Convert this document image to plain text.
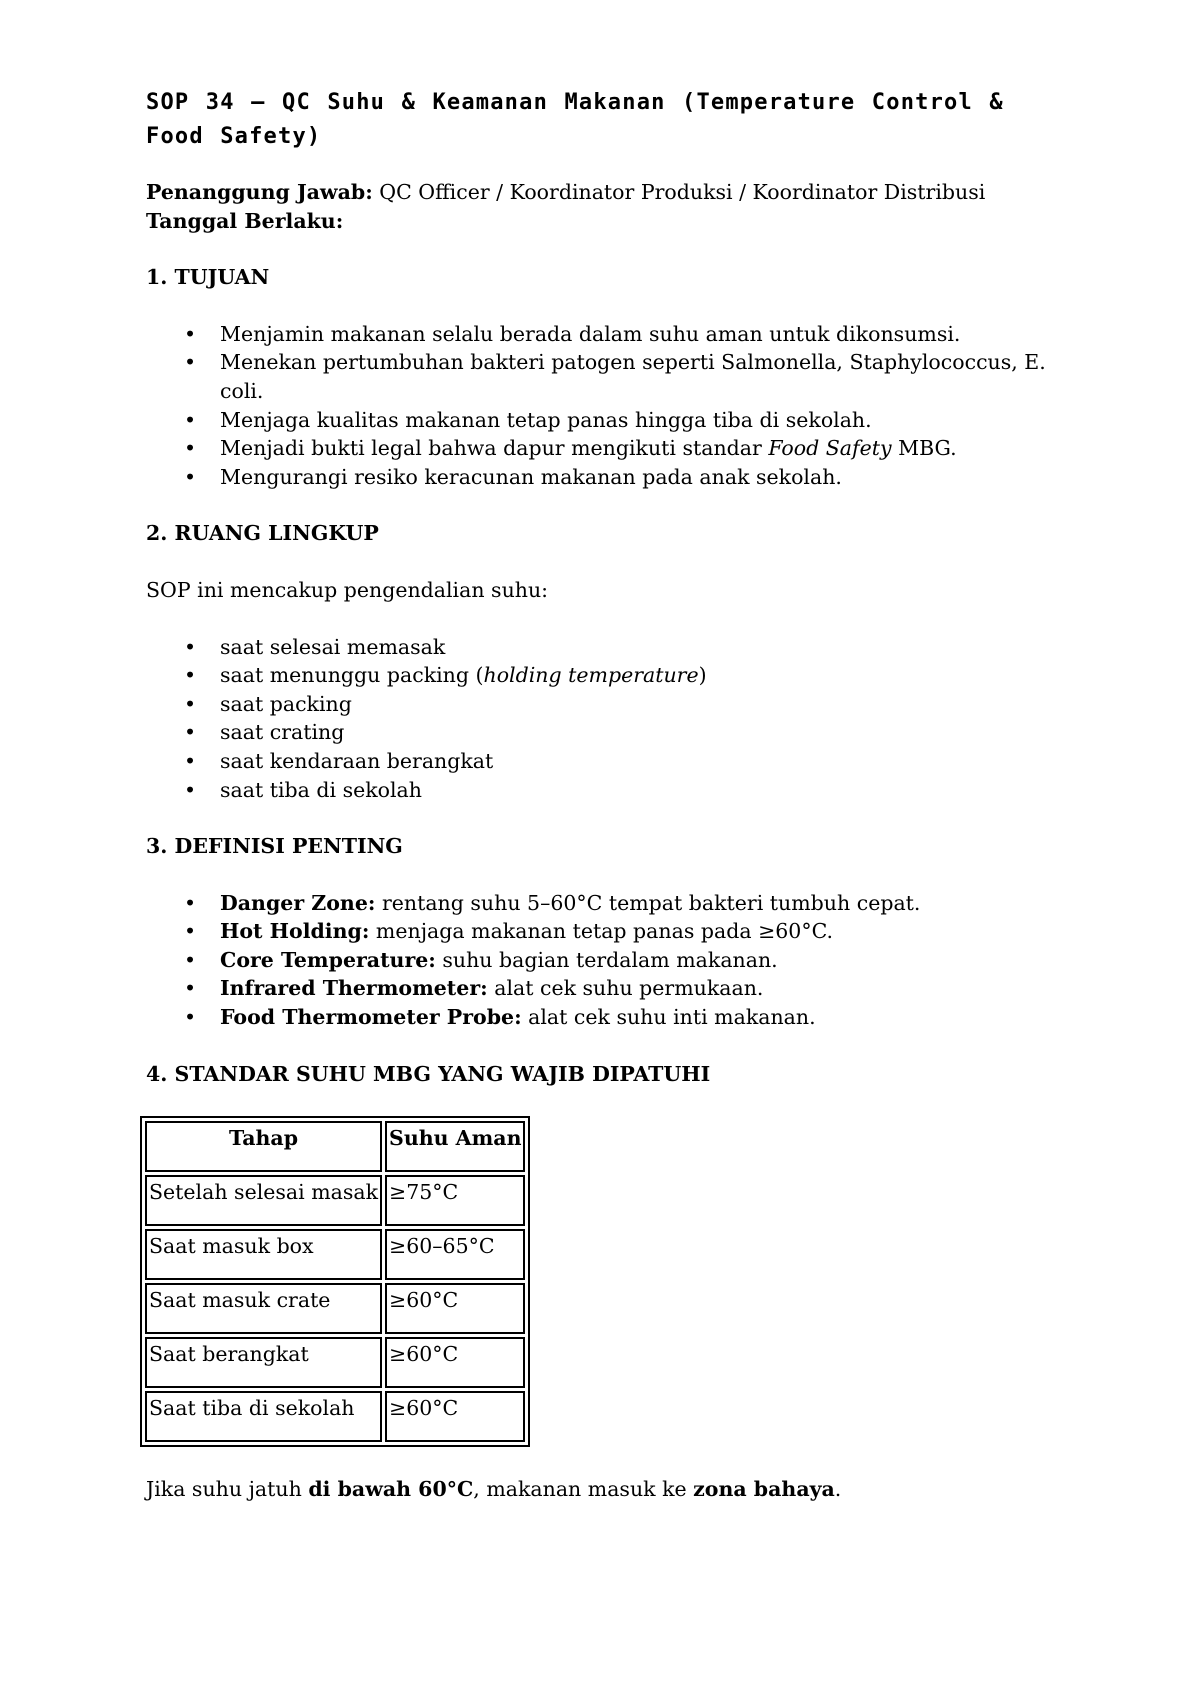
SOP 34 – QC Suhu & Keamanan Makanan (Temperature Control &
Food Safety)

Penanggung Jawab: QC Officer / Koordinator Produksi / Koordinator Distribusi

Tanggal Berlaku:

1. TUJUAN
• Menjamin makanan selalu berada dalam suhu aman untuk dikonsumsi.
• Menekan pertumbuhan bakteri patogen seperti Salmonella, Staphylococcus, E. coli.
• Menjaga kualitas makanan tetap panas hingga tiba di sekolah.
• Menjadi bukti legal bahwa dapur mengikuti standar Food Safety MBG.
• Mengurangi resiko keracunan makanan pada anak sekolah.
2. RUANG LINGKUP

SOP ini mencakup pengendalian suhu:

• saat selesai memasak
• saat menunggu packing (holding temperature)
• saat packing
• saat crating
• saat kendaraan berangkat
• saat tiba di sekolah
3. DEFINISI PENTING
• Danger Zone: rentang suhu 5–60°C tempat bakteri tumbuh cepat.
• Hot Holding: menjaga makanan tetap panas pada ≥60°C.
• Core Temperature: suhu bagian terdalam makanan.
• Infrared Thermometer: alat cek suhu permukaan.
• Food Thermometer Probe: alat cek suhu inti makanan.
4. STANDAR SUHU MBG YANG WAJIB DIPATUHI
Tahap	Suhu Aman
Setelah selesai masak	≥75°C
Saat masuk box	≥60–65°C
Saat masuk crate	≥60°C
Saat berangkat	≥60°C
Saat tiba di sekolah	≥60°C

Jika suhu jatuh di bawah 60°C, makanan masuk ke zona bahaya.
